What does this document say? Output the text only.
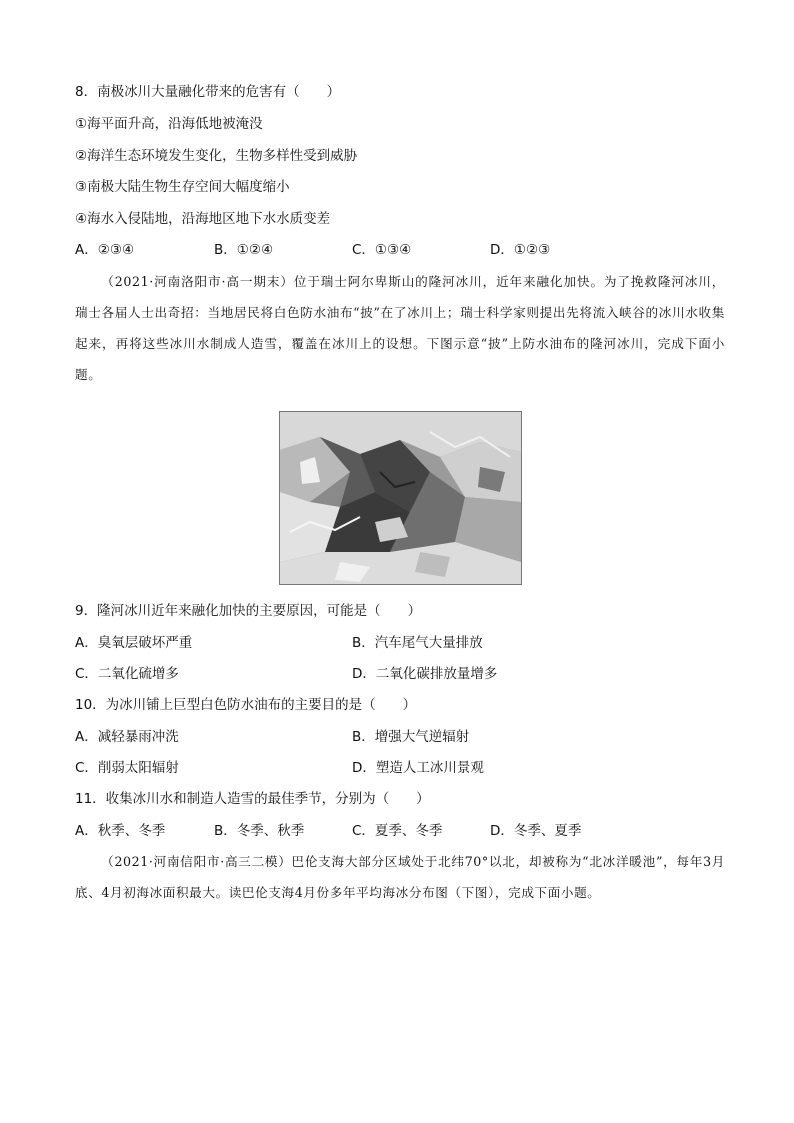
8．南极冰川大量融化带来的危害有（　　）
①海平面升高，沿海低地被淹没
②海洋生态环境发生变化，生物多样性受到威胁
③南极大陆生物生存空间大幅度缩小
④海水入侵陆地，沿海地区地下水水质变差
A．②③④	B．①②④	C．①③④	D．①②③
（2021·河南洛阳市·高一期末）位于瑞士阿尔卑斯山的隆河冰川，近年来融化加快。为了挽救隆河冰川，瑞士各届人士出奇招：当地居民将白色防水油布“披”在了冰川上；瑞士科学家则提出先将流入峡谷的冰川水收集起来，再将这些冰川水制成人造雪，覆盖在冰川上的设想。下图示意“披”上防水油布的隆河冰川，完成下面小题。
9．隆河冰川近年来融化加快的主要原因，可能是（　　）
A．臭氧层破坏严重	B．汽车尾气大量排放
C．二氧化硫增多	D．二氧化碳排放量增多
10．为冰川铺上巨型白色防水油布的主要目的是（　　）
A．减轻暴雨冲洗	B．增强大气逆辐射
C．削弱太阳辐射	D．塑造人工冰川景观
11．收集冰川水和制造人造雪的最佳季节，分别为（　　）
A．秋季、冬季	B．冬季、秋季	C．夏季、冬季	D．冬季、夏季
（2021·河南信阳市·高三二模）巴伦支海大部分区域处于北纬70°以北，却被称为“北冰洋暖池”，每年3月底、4月初海冰面积最大。读巴伦支海4月份多年平均海冰分布图（下图），完成下面小题。
